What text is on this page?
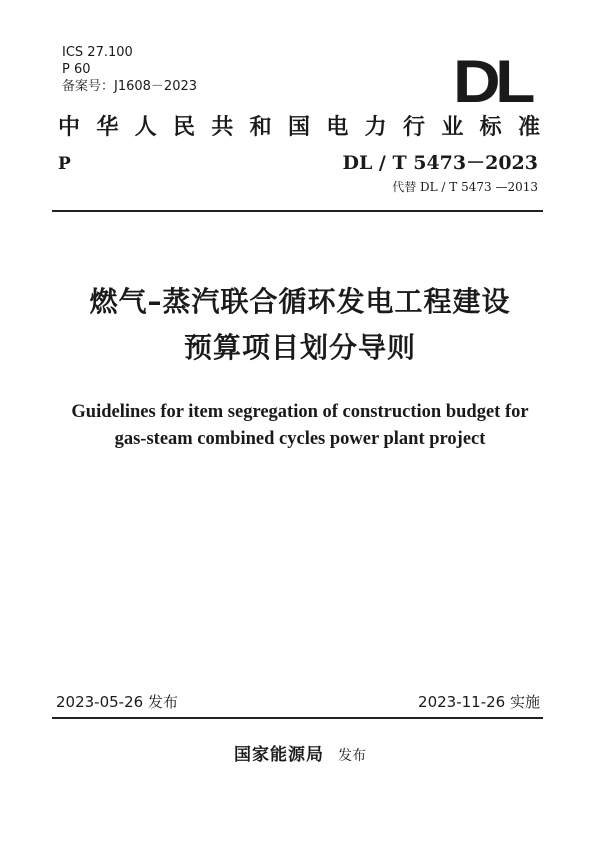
ICS 27.100
P 60
备案号：J1608－2023	DL
中华人民共和国电力行业标准
P	DL / T 5473－2023
代替 DL / T 5473 —2013
燃气–蒸汽联合循环发电工程建设
预算项目划分导则
Guidelines for item segregation of construction budget for
gas-steam combined cycles power plant project
2023-05-26 发布	2023-11-26 实施
国家能源局 发布
